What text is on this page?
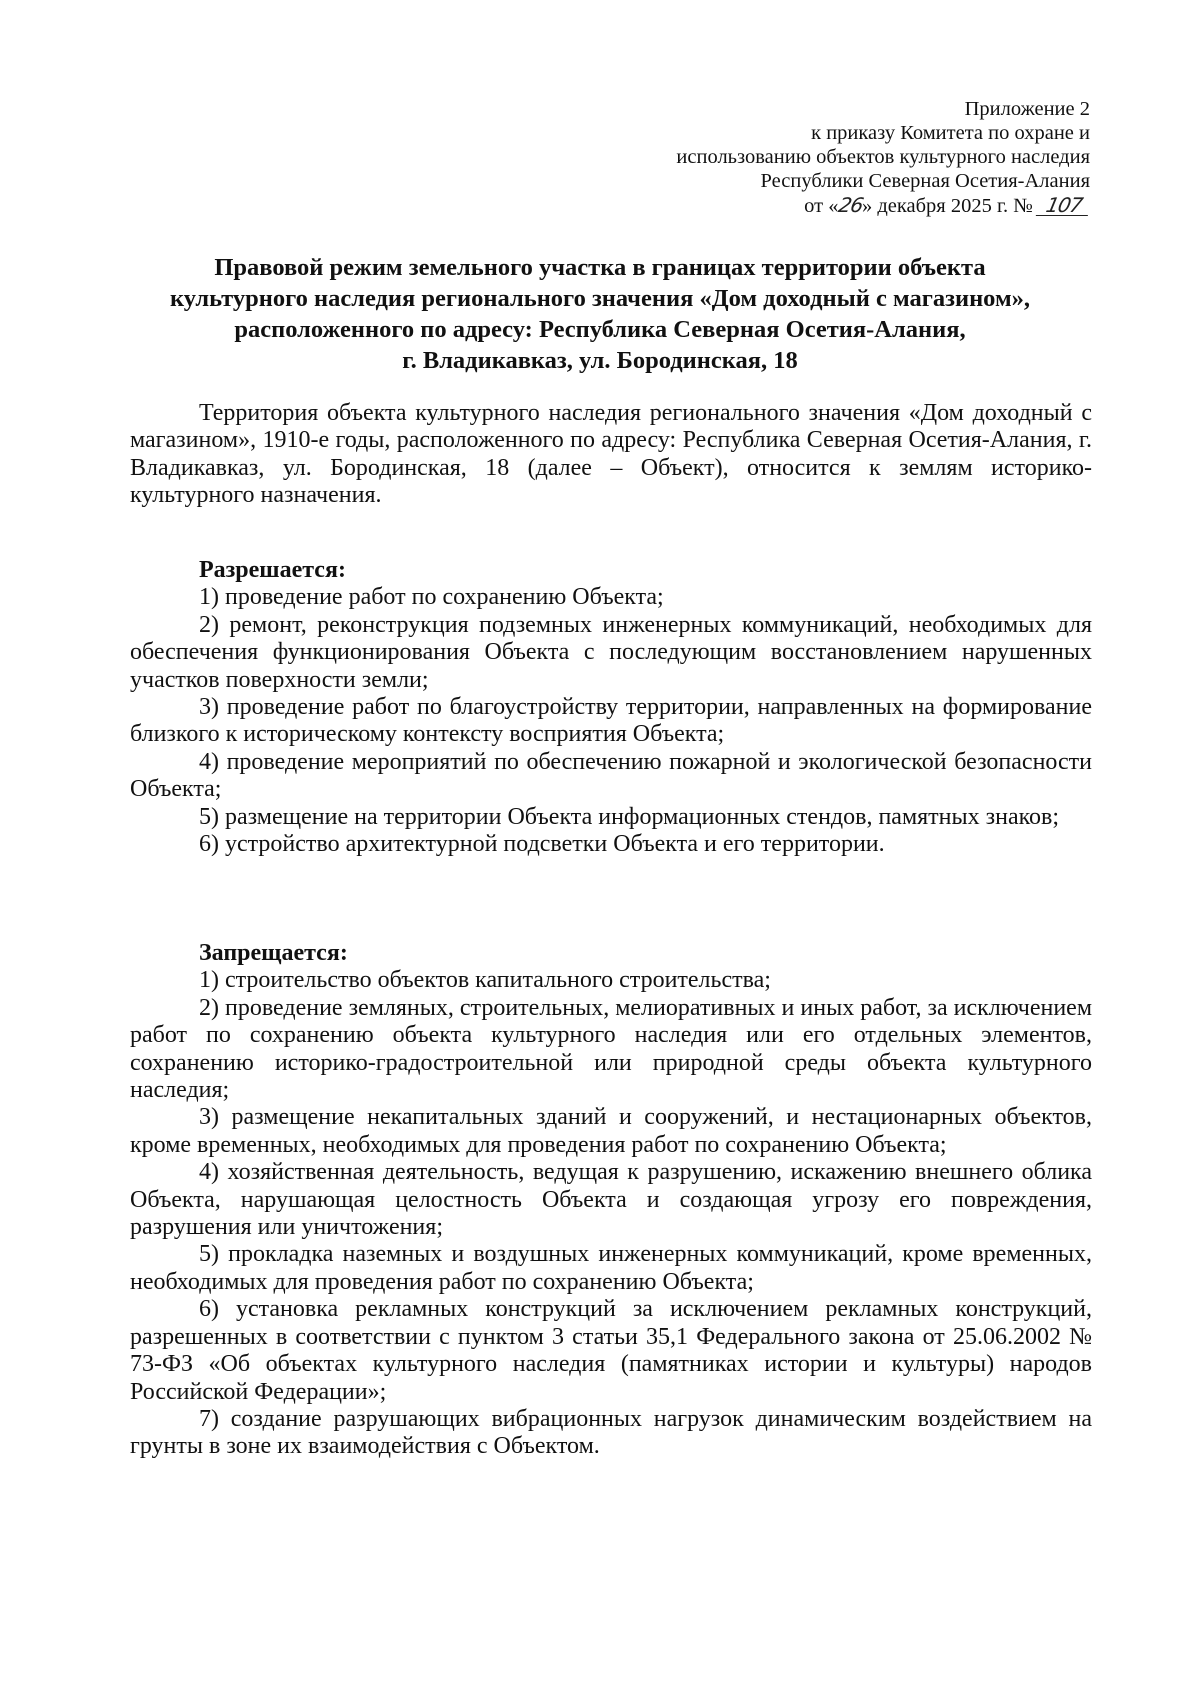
Приложение 2
к приказу Комитета по охране и
использованию объектов культурного наследия
Республики Северная Осетия-Алания
от «26» декабря 2025 г. № 107
Правовой режим земельного участка в границах территории объекта
культурного наследия регионального значения «Дом доходный с магазином»,
расположенного по адресу: Республика Северная Осетия-Алания,
г. Владикавказ, ул. Бородинская, 18

Территория объекта культурного наследия регионального значения «Дом доходный с магазином», 1910-е годы, расположенного по адресу: Республика Северная Осетия-Алания, г. Владикавказ, ул. Бородинская, 18 (далее – Объект), относится к землям историко-культурного назначения.

Разрешается:

1) проведение работ по сохранению Объекта;

2) ремонт, реконструкция подземных инженерных коммуникаций, необходимых для обеспечения функционирования Объекта с последующим восстановлением нарушенных участков поверхности земли;

3) проведение работ по благоустройству территории, направленных на формирование близкого к историческому контексту восприятия Объекта;

4) проведение мероприятий по обеспечению пожарной и экологической безопасности Объекта;

5) размещение на территории Объекта информационных стендов, памятных знаков;

6) устройство архитектурной подсветки Объекта и его территории.

Запрещается:

1) строительство объектов капитального строительства;

2) проведение земляных, строительных, мелиоративных и иных работ, за исключением работ по сохранению объекта культурного наследия или его отдельных элементов, сохранению историко-градостроительной или природной среды объекта культурного наследия;

3) размещение некапитальных зданий и сооружений, и нестационарных объектов, кроме временных, необходимых для проведения работ по сохранению Объекта;

4) хозяйственная деятельность, ведущая к разрушению, искажению внешнего облика Объекта, нарушающая целостность Объекта и создающая угрозу его повреждения, разрушения или уничтожения;

5) прокладка наземных и воздушных инженерных коммуникаций, кроме временных, необходимых для проведения работ по сохранению Объекта;

6) установка рекламных конструкций за исключением рекламных конструкций, разрешенных в соответствии с пунктом 3 статьи 35,1 Федерального закона от 25.06.2002 № 73-ФЗ «Об объектах культурного наследия (памятниках истории и культуры) народов Российской Федерации»;

7) создание разрушающих вибрационных нагрузок динамическим воздействием на грунты в зоне их взаимодействия с Объектом.
